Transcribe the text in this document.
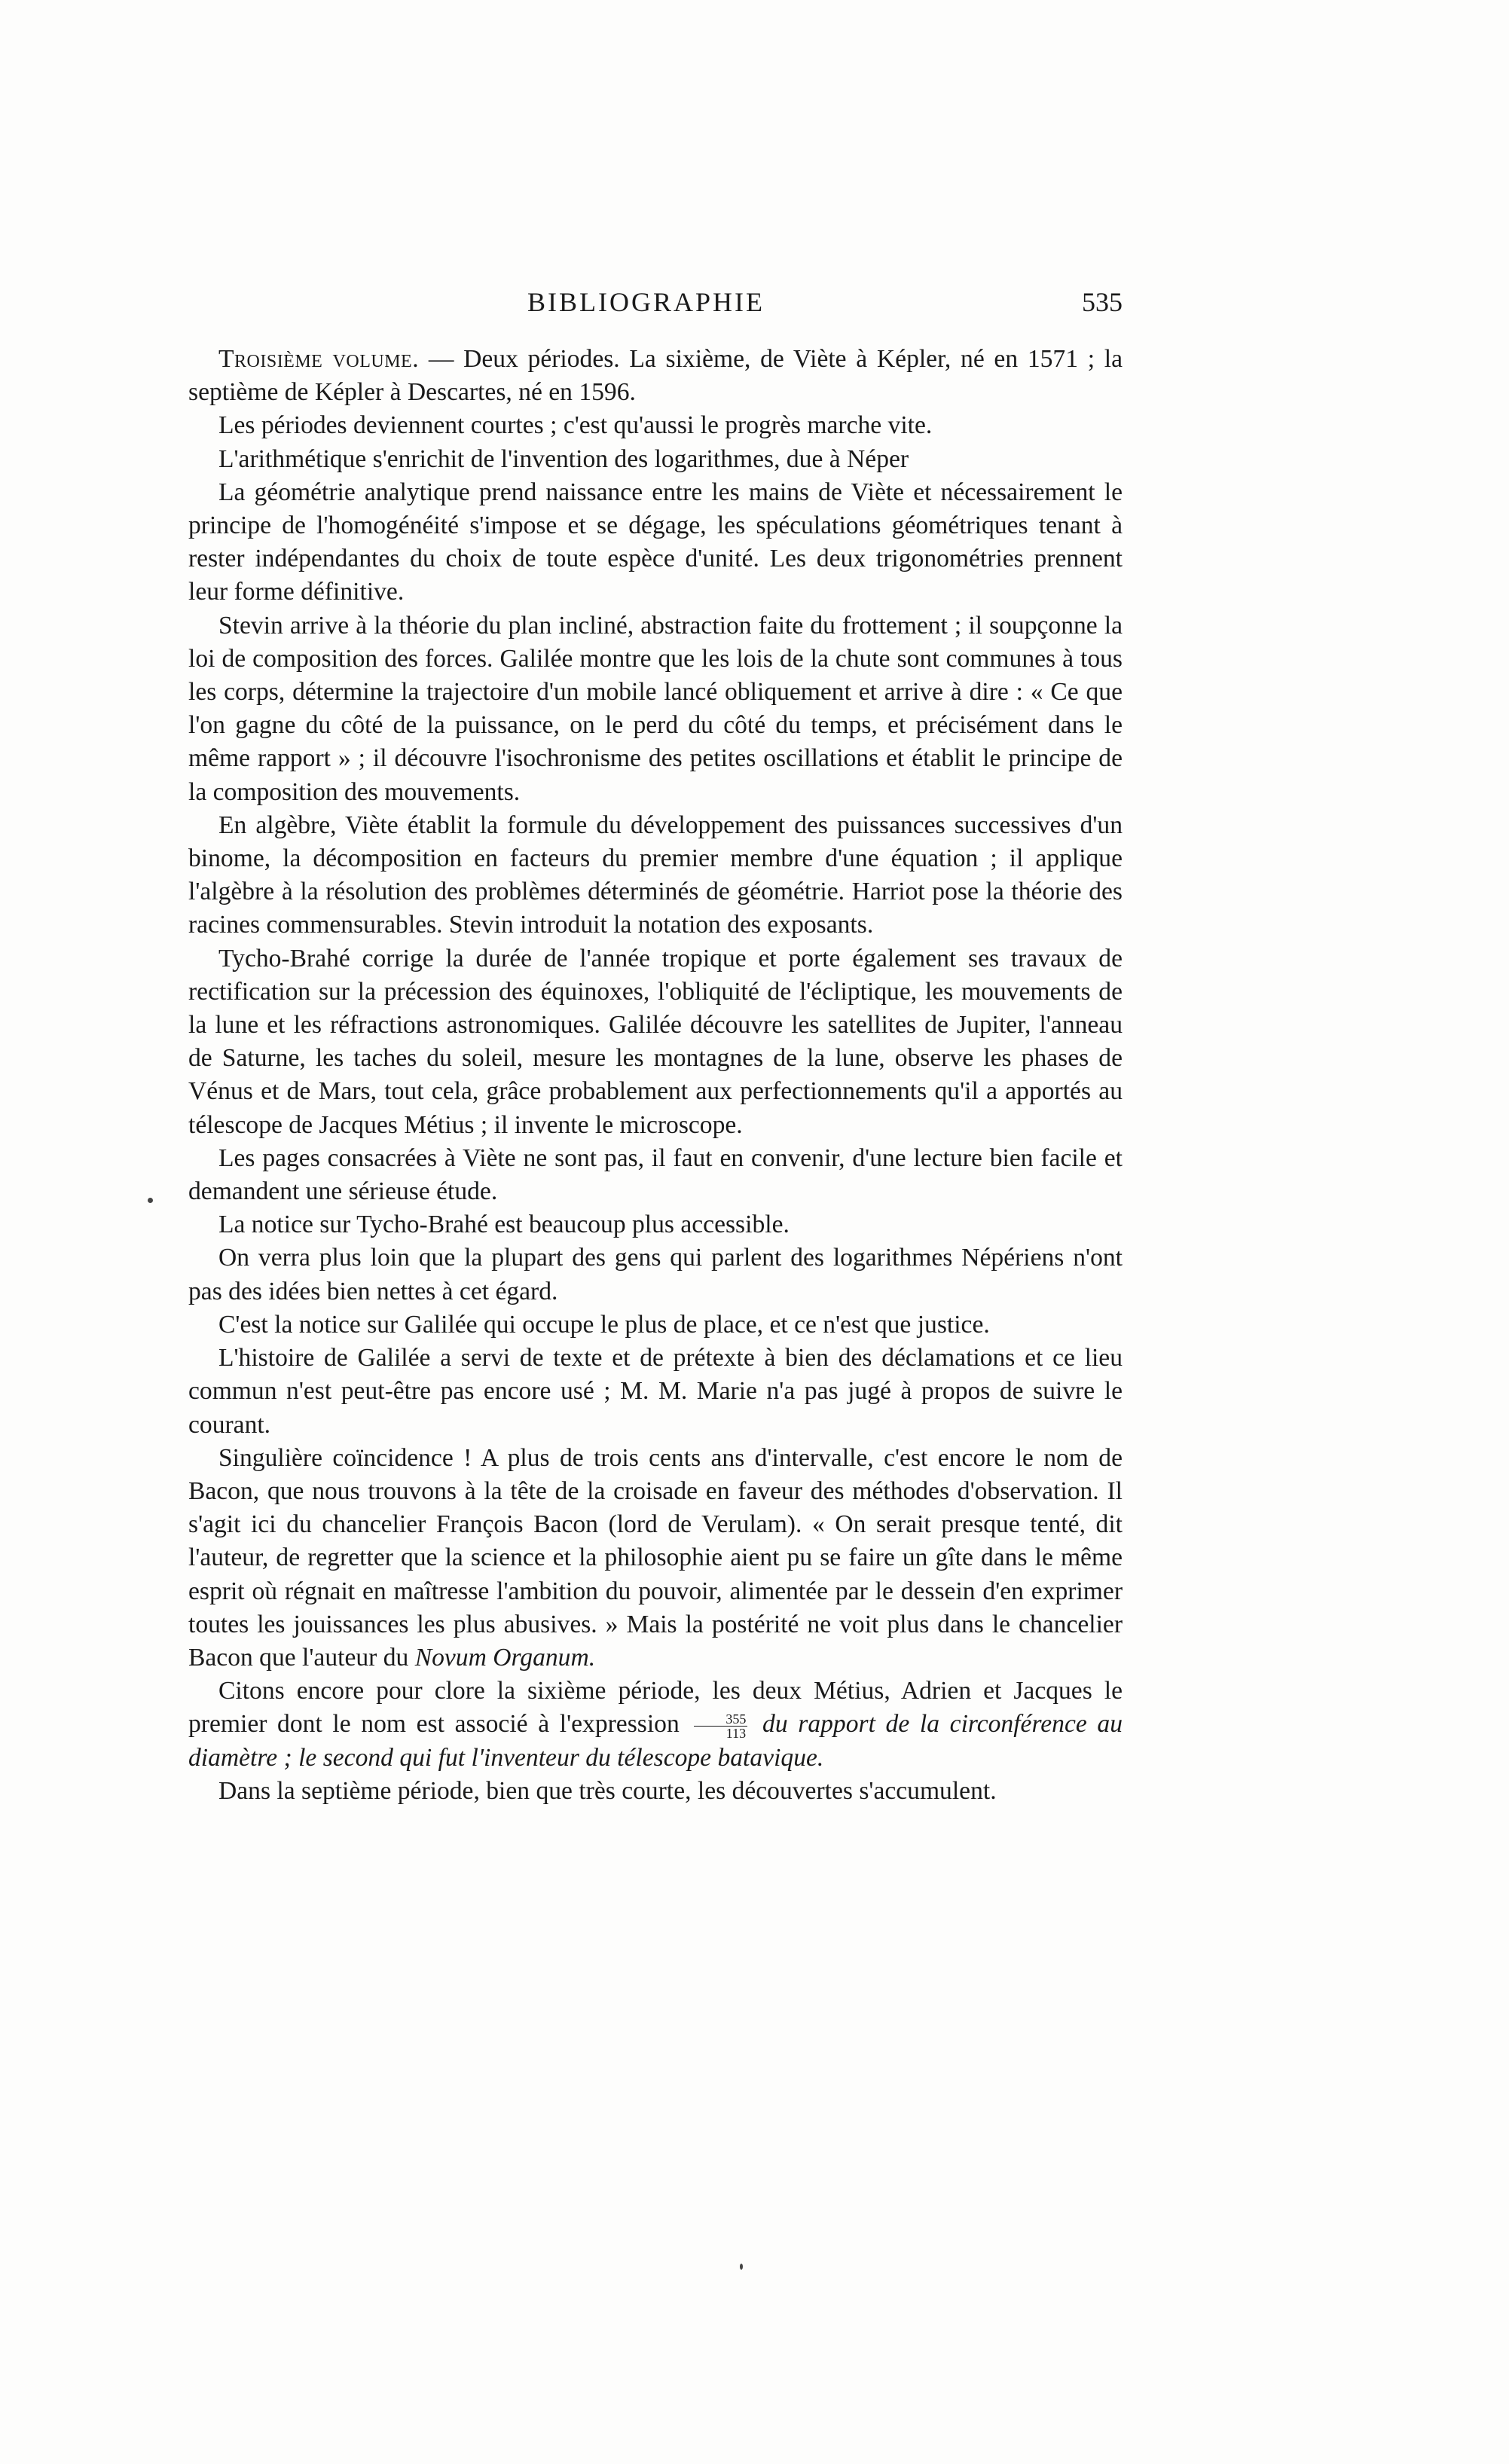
BIBLIOGRAPHIE	535

Troisième volume. — Deux périodes. La sixième, de Viète à Képler, né en 1571 ; la septième de Képler à Descartes, né en 1596.

Les périodes deviennent courtes ; c'est qu'aussi le progrès marche vite.

L'arithmétique s'enrichit de l'invention des logarithmes, due à Néper

La géométrie analytique prend naissance entre les mains de Viète et nécessairement le principe de l'homogénéité s'impose et se dégage, les spéculations géométriques tenant à rester indépendantes du choix de toute espèce d'unité. Les deux trigonométries prennent leur forme définitive.

Stevin arrive à la théorie du plan incliné, abstraction faite du frottement ; il soupçonne la loi de composition des forces. Galilée montre que les lois de la chute sont communes à tous les corps, détermine la trajectoire d'un mobile lancé obliquement et arrive à dire : « Ce que l'on gagne du côté de la puissance, on le perd du côté du temps, et précisément dans le même rapport » ; il découvre l'isochronisme des petites oscillations et établit le principe de la composition des mouvements.

En algèbre, Viète établit la formule du développement des puissances successives d'un binome, la décomposition en facteurs du premier membre d'une équation ; il applique l'algèbre à la résolution des problèmes déterminés de géométrie. Harriot pose la théorie des racines commensurables. Stevin introduit la notation des exposants.

Tycho-Brahé corrige la durée de l'année tropique et porte également ses travaux de rectification sur la précession des équinoxes, l'obliquité de l'écliptique, les mouvements de la lune et les réfractions astronomiques. Galilée découvre les satellites de Jupiter, l'anneau de Saturne, les taches du soleil, mesure les montagnes de la lune, observe les phases de Vénus et de Mars, tout cela, grâce probablement aux perfectionnements qu'il a apportés au télescope de Jacques Métius ; il invente le microscope.

Les pages consacrées à Viète ne sont pas, il faut en convenir, d'une lecture bien facile et demandent une sérieuse étude.

La notice sur Tycho-Brahé est beaucoup plus accessible.

On verra plus loin que la plupart des gens qui parlent des logarithmes Népériens n'ont pas des idées bien nettes à cet égard.

C'est la notice sur Galilée qui occupe le plus de place, et ce n'est que justice.

L'histoire de Galilée a servi de texte et de prétexte à bien des déclamations et ce lieu commun n'est peut-être pas encore usé ; M. M. Marie n'a pas jugé à propos de suivre le courant.

Singulière coïncidence ! A plus de trois cents ans d'intervalle, c'est encore le nom de Bacon, que nous trouvons à la tête de la croisade en faveur des méthodes d'observation. Il s'agit ici du chancelier François Bacon (lord de Verulam). « On serait presque tenté, dit l'auteur, de regretter que la science et la philosophie aient pu se faire un gîte dans le même esprit où régnait en maîtresse l'ambition du pouvoir, alimentée par le dessein d'en exprimer toutes les jouissances les plus abusives. » Mais la postérité ne voit plus dans le chancelier Bacon que l'auteur du Novum Organum.

Citons encore pour clore la sixième période, les deux Métius, Adrien et Jacques le premier dont le nom est associé à l'expression $\frac{355}{113}$ du rapport de la circonférence au diamètre ; le second qui fut l'inventeur du télescope batavique.

Dans la septième période, bien que très courte, les découvertes s'accumulent.
